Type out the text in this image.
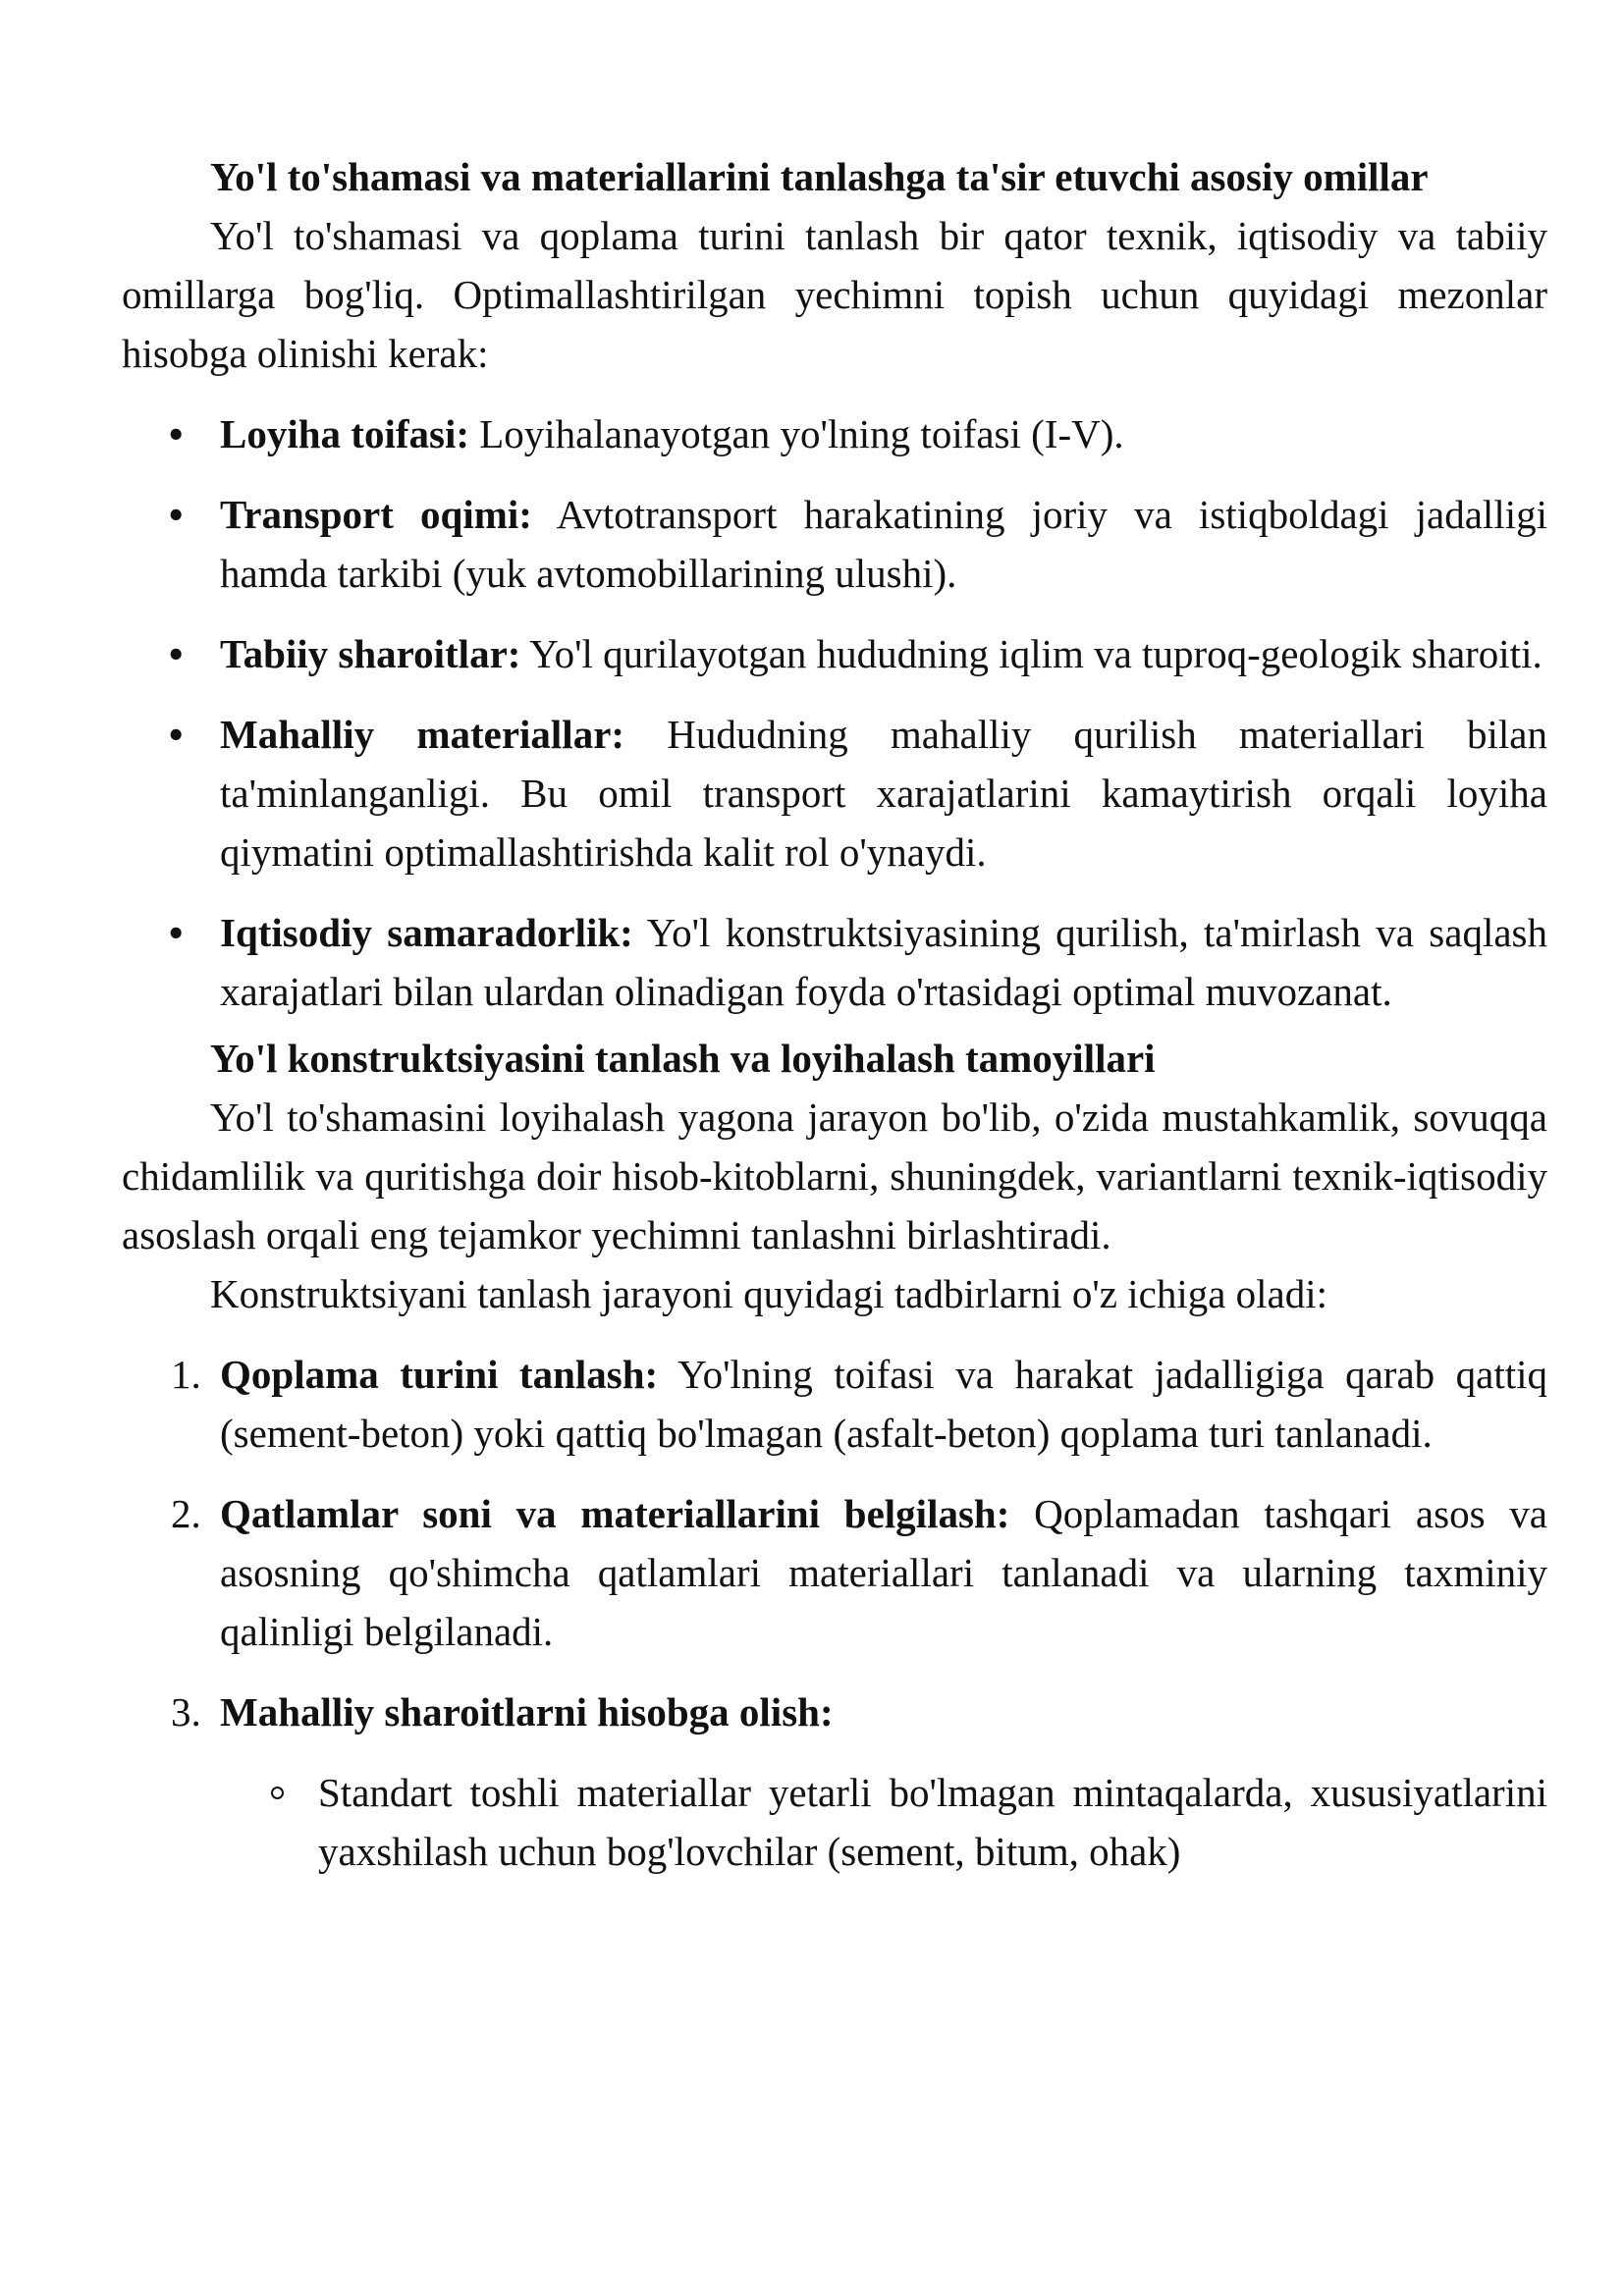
Yo'l to'shamasi va materiallarini tanlashga ta'sir etuvchi asosiy omillar

Yo'l to'shamasi va qoplama turini tanlash bir qator texnik, iqtisodiy va tabiiy omillarga bog'liq. Optimallashtirilgan yechimni topish uchun quyidagi mezonlar hisobga olinishi kerak:

• Loyiha toifasi: Loyihalanayotgan yo'lning toifasi (I-V).
• Transport oqimi: Avtotransport harakatining joriy va istiqboldagi jadalligi hamda tarkibi (yuk avtomobillarining ulushi).
• Tabiiy sharoitlar: Yo'l qurilayotgan hududning iqlim va tuproq-geologik sharoiti.
• Mahalliy materiallar: Hududning mahalliy qurilish materiallari bilan ta'minlanganligi. Bu omil transport xarajatlarini kamaytirish orqali loyiha qiymatini optimallashtirishda kalit rol o'ynaydi.
• Iqtisodiy samaradorlik: Yo'l konstruktsiyasining qurilish, ta'mirlash va saqlash xarajatlari bilan ulardan olinadigan foyda o'rtasidagi optimal muvozanat.
Yo'l konstruktsiyasini tanlash va loyihalash tamoyillari

Yo'l to'shamasini loyihalash yagona jarayon bo'lib, o'zida mustahkamlik, sovuqqa chidamlilik va quritishga doir hisob-kitoblarni, shuningdek, variantlarni texnik-iqtisodiy asoslash orqali eng tejamkor yechimni tanlashni birlashtiradi.

Konstruktsiyani tanlash jarayoni quyidagi tadbirlarni o'z ichiga oladi:

1. Qoplama turini tanlash: Yo'lning toifasi va harakat jadalligiga qarab qattiq (sement-beton) yoki qattiq bo'lmagan (asfalt-beton) qoplama turi tanlanadi.
2. Qatlamlar soni va materiallarini belgilash: Qoplamadan tashqari asos va asosning qo'shimcha qatlamlari materiallari tanlanadi va ularning taxminiy qalinligi belgilanadi.
3. Mahalliy sharoitlarni hisobga olish:
Standart toshli materiallar yetarli bo'lmagan mintaqalarda, xususiyatlarini yaxshilash uchun bog'lovchilar (sement, bitum, ohak)
